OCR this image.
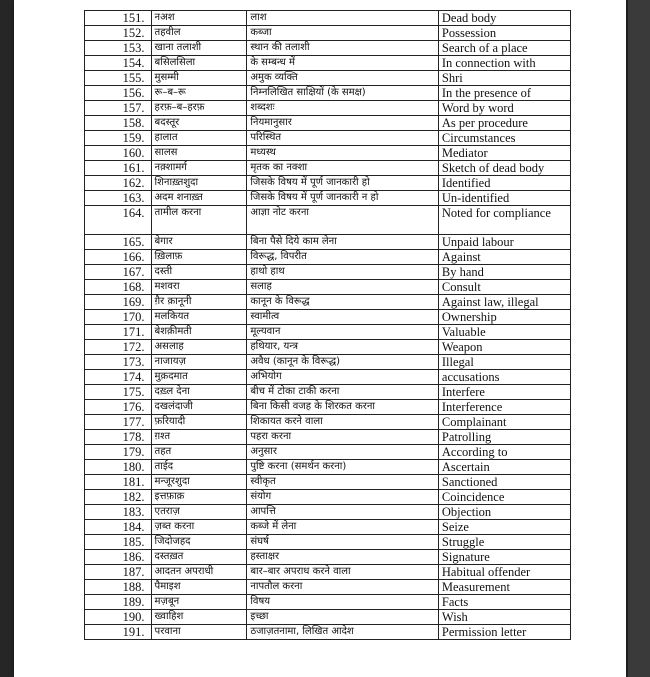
151.	नअश	लाश	Dead body
152.	तहवील	कब्जा	Possession
153.	खाना तलाशी	स्थान की तलाशी	Search of a place
154.	बसिलसिला	के सम्बन्ध में	In connection with
155.	मुसम्मी	अमुक व्यक्ति	Shri
156.	रू–ब–रू	निम्नलिखित साक्षियों (के समक्ष)	In the presence of
157.	हरफ़–ब–हरफ़	शब्दशः	Word by word
158.	बदस्तूर	नियमानुसार	As per procedure
159.	हालात	परिस्थित	Circumstances
160.	सालस	मध्यस्थ	Mediator
161.	नक़्शामर्ग	मृतक का नक्शा	Sketch of dead body
162.	शिनाख़्तशुदा	जिसके विषय में पूर्ण जानकारी हो	Identified
163.	अदम शनाख़्त	जिसके विषय में पूर्ण जानकारी न हो	Un-identified
164.	तामील करना	आज्ञा नोट करना	Noted for compliance
165.	बेगार	बिना पैसे दिये काम लेना	Unpaid labour
166.	ख़िलाफ़	विरूद्ध, विपरीत	Against
167.	दस्ती	हाथो हाथ	By hand
168.	मशवरा	सलाह	Consult
169.	ग़ैर क़ानूनी	कानून के विरूद्ध	Against law, illegal
170.	मलकियत	स्वामीत्व	Ownership
171.	बेशक़ीमती	मूल्यवान	Valuable
172.	असलाह	हथियार, यन्त्र	Weapon
173.	नाजायज़	अवैध (कानून के विरूद्ध)	Illegal
174.	मुक़दमात	अभियोग	accusations
175.	दख़्ल देना	बीच में टोका टाकी करना	Interfere
176.	दखलंदाजी	बिना किसी वजह के शिरकत करना	Interference
177.	फ़रियादी	शिकायत करने वाला	Complainant
178.	ग़श्त	पहरा करना	Patrolling
179.	तहत	अनुसार	According to
180.	ताईद	पुष्टि करना (समर्थन करना)	Ascertain
181.	मन्जूरशुदा	स्वीकृत	Sanctioned
182.	इत्तफ़ाक़	संयोग	Coincidence
183.	एतराज़	आपत्ति	Objection
184.	ज़ब्त करना	कब्जे में लेना	Seize
185.	जिदोजहद	संघर्ष	Struggle
186.	दस्तख़त	हस्ताक्षर	Signature
187.	आदतन अपराधी	बार–बार अपराध करने वाला	Habitual offender
188.	पैमाइश	नापतौल करना	Measurement
189.	मज़बून	विषय	Facts
190.	ख्वाहिश	इच्छा	Wish
191.	परवाना	ठजाज़तनामा, लिखित आदेश	Permission letter
